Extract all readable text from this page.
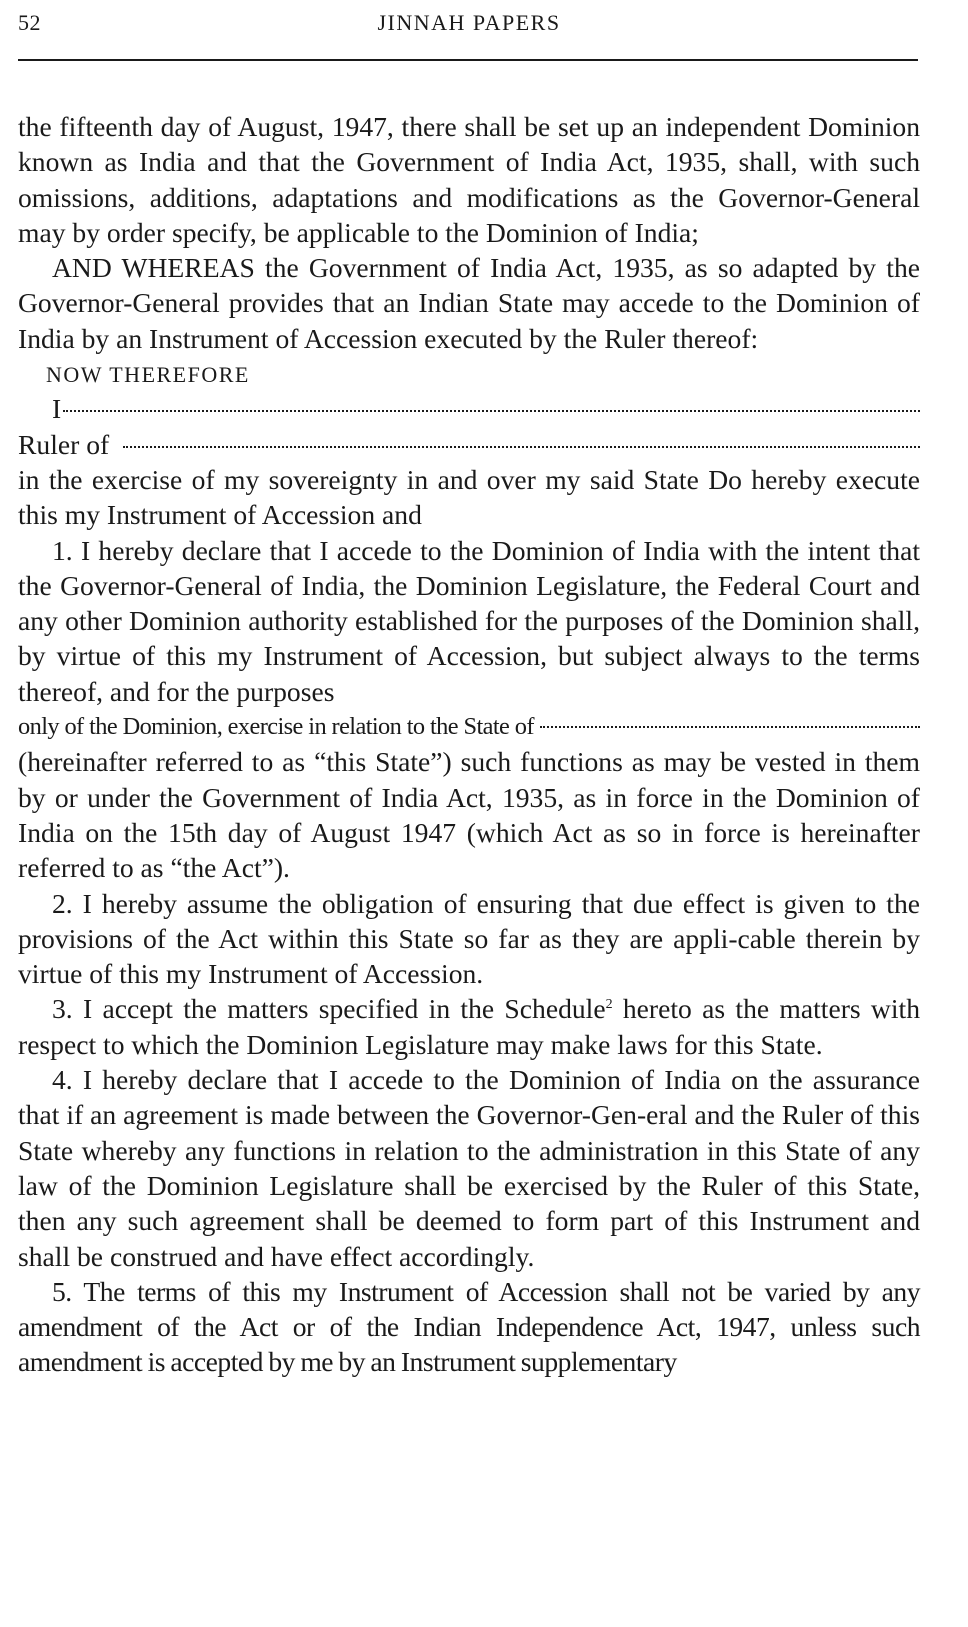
52	JINNAH PAPERS

the fifteenth day of August, 1947, there shall be set up an independent Dominion known as India and that the Government of India Act, 1935, shall, with such omissions, additions, adaptations and modifications as the Governor-General may by order specify, be applicable to the Dominion of India;

AND WHEREAS the Government of India Act, 1935, as so adapted by the Governor-General provides that an Indian State may accede to the Dominion of India by an Instrument of Accession executed by the Ruler thereof:

NOW THEREFORE

I

Ruler of

in the exercise of my sovereignty in and over my said State Do hereby execute this my Instrument of Accession and

1. I hereby declare that I accede to the Dominion of India with the intent that the Governor-General of India, the Dominion Legislature, the Federal Court and any other Dominion authority established for the purposes of the Dominion shall, by virtue of this my Instrument of Accession, but subject always to the terms thereof, and for the purposes

only of the Dominion, exercise in relation to the State of

(hereinafter referred to as “this State”) such functions as may be vested in them by or under the Government of India Act, 1935, as in force in the Dominion of India on the 15th day of August 1947 (which Act as so in force is hereinafter referred to as “the Act”).

2. I hereby assume the obligation of ensuring that due effect is given to the provisions of the Act within this State so far as they are appli-cable therein by virtue of this my Instrument of Accession.

3. I accept the matters specified in the Schedule$^2$ hereto as the matters with respect to which the Dominion Legislature may make laws for this State.

4. I hereby declare that I accede to the Dominion of India on the assurance that if an agreement is made between the Governor-Gen-eral and the Ruler of this State whereby any functions in relation to the administration in this State of any law of the Dominion Legislature shall be exercised by the Ruler of this State, then any such agreement shall be deemed to form part of this Instrument and shall be construed and have effect accordingly.

5. The terms of this my Instrument of Accession shall not be varied by any amendment of the Act or of the Indian Independence Act, 1947, unless such amendment is accepted by me by an Instrument supplementary
